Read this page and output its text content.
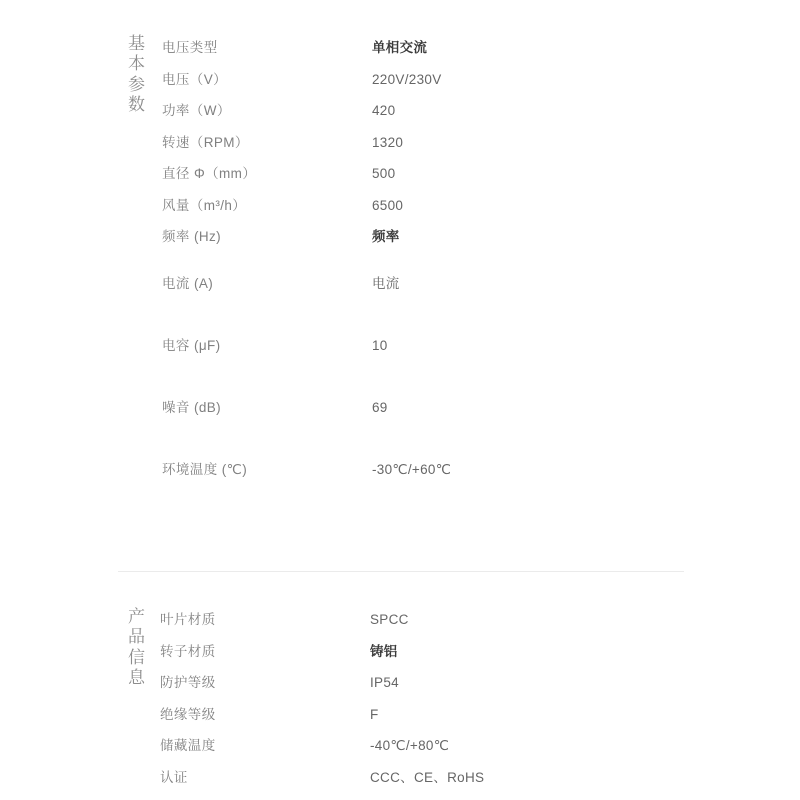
基本参数
电压类型	单相交流
电压（V）	220V/230V
功率（W）	420
转速（RPM）	1320
直径 Φ（mm）	500
风量（m³/h）	6500
频率 (Hz)	频率
电流 (A)	电流
电容 (μF)	10
噪音 (dB)	69
环境温度 (℃)	-30℃/+60℃
产品信息
叶片材质	SPCC
转子材质	铸铝
防护等级	IP54
绝缘等级	F
储藏温度	-40℃/+80℃
认证	CCC、CE、RoHS
